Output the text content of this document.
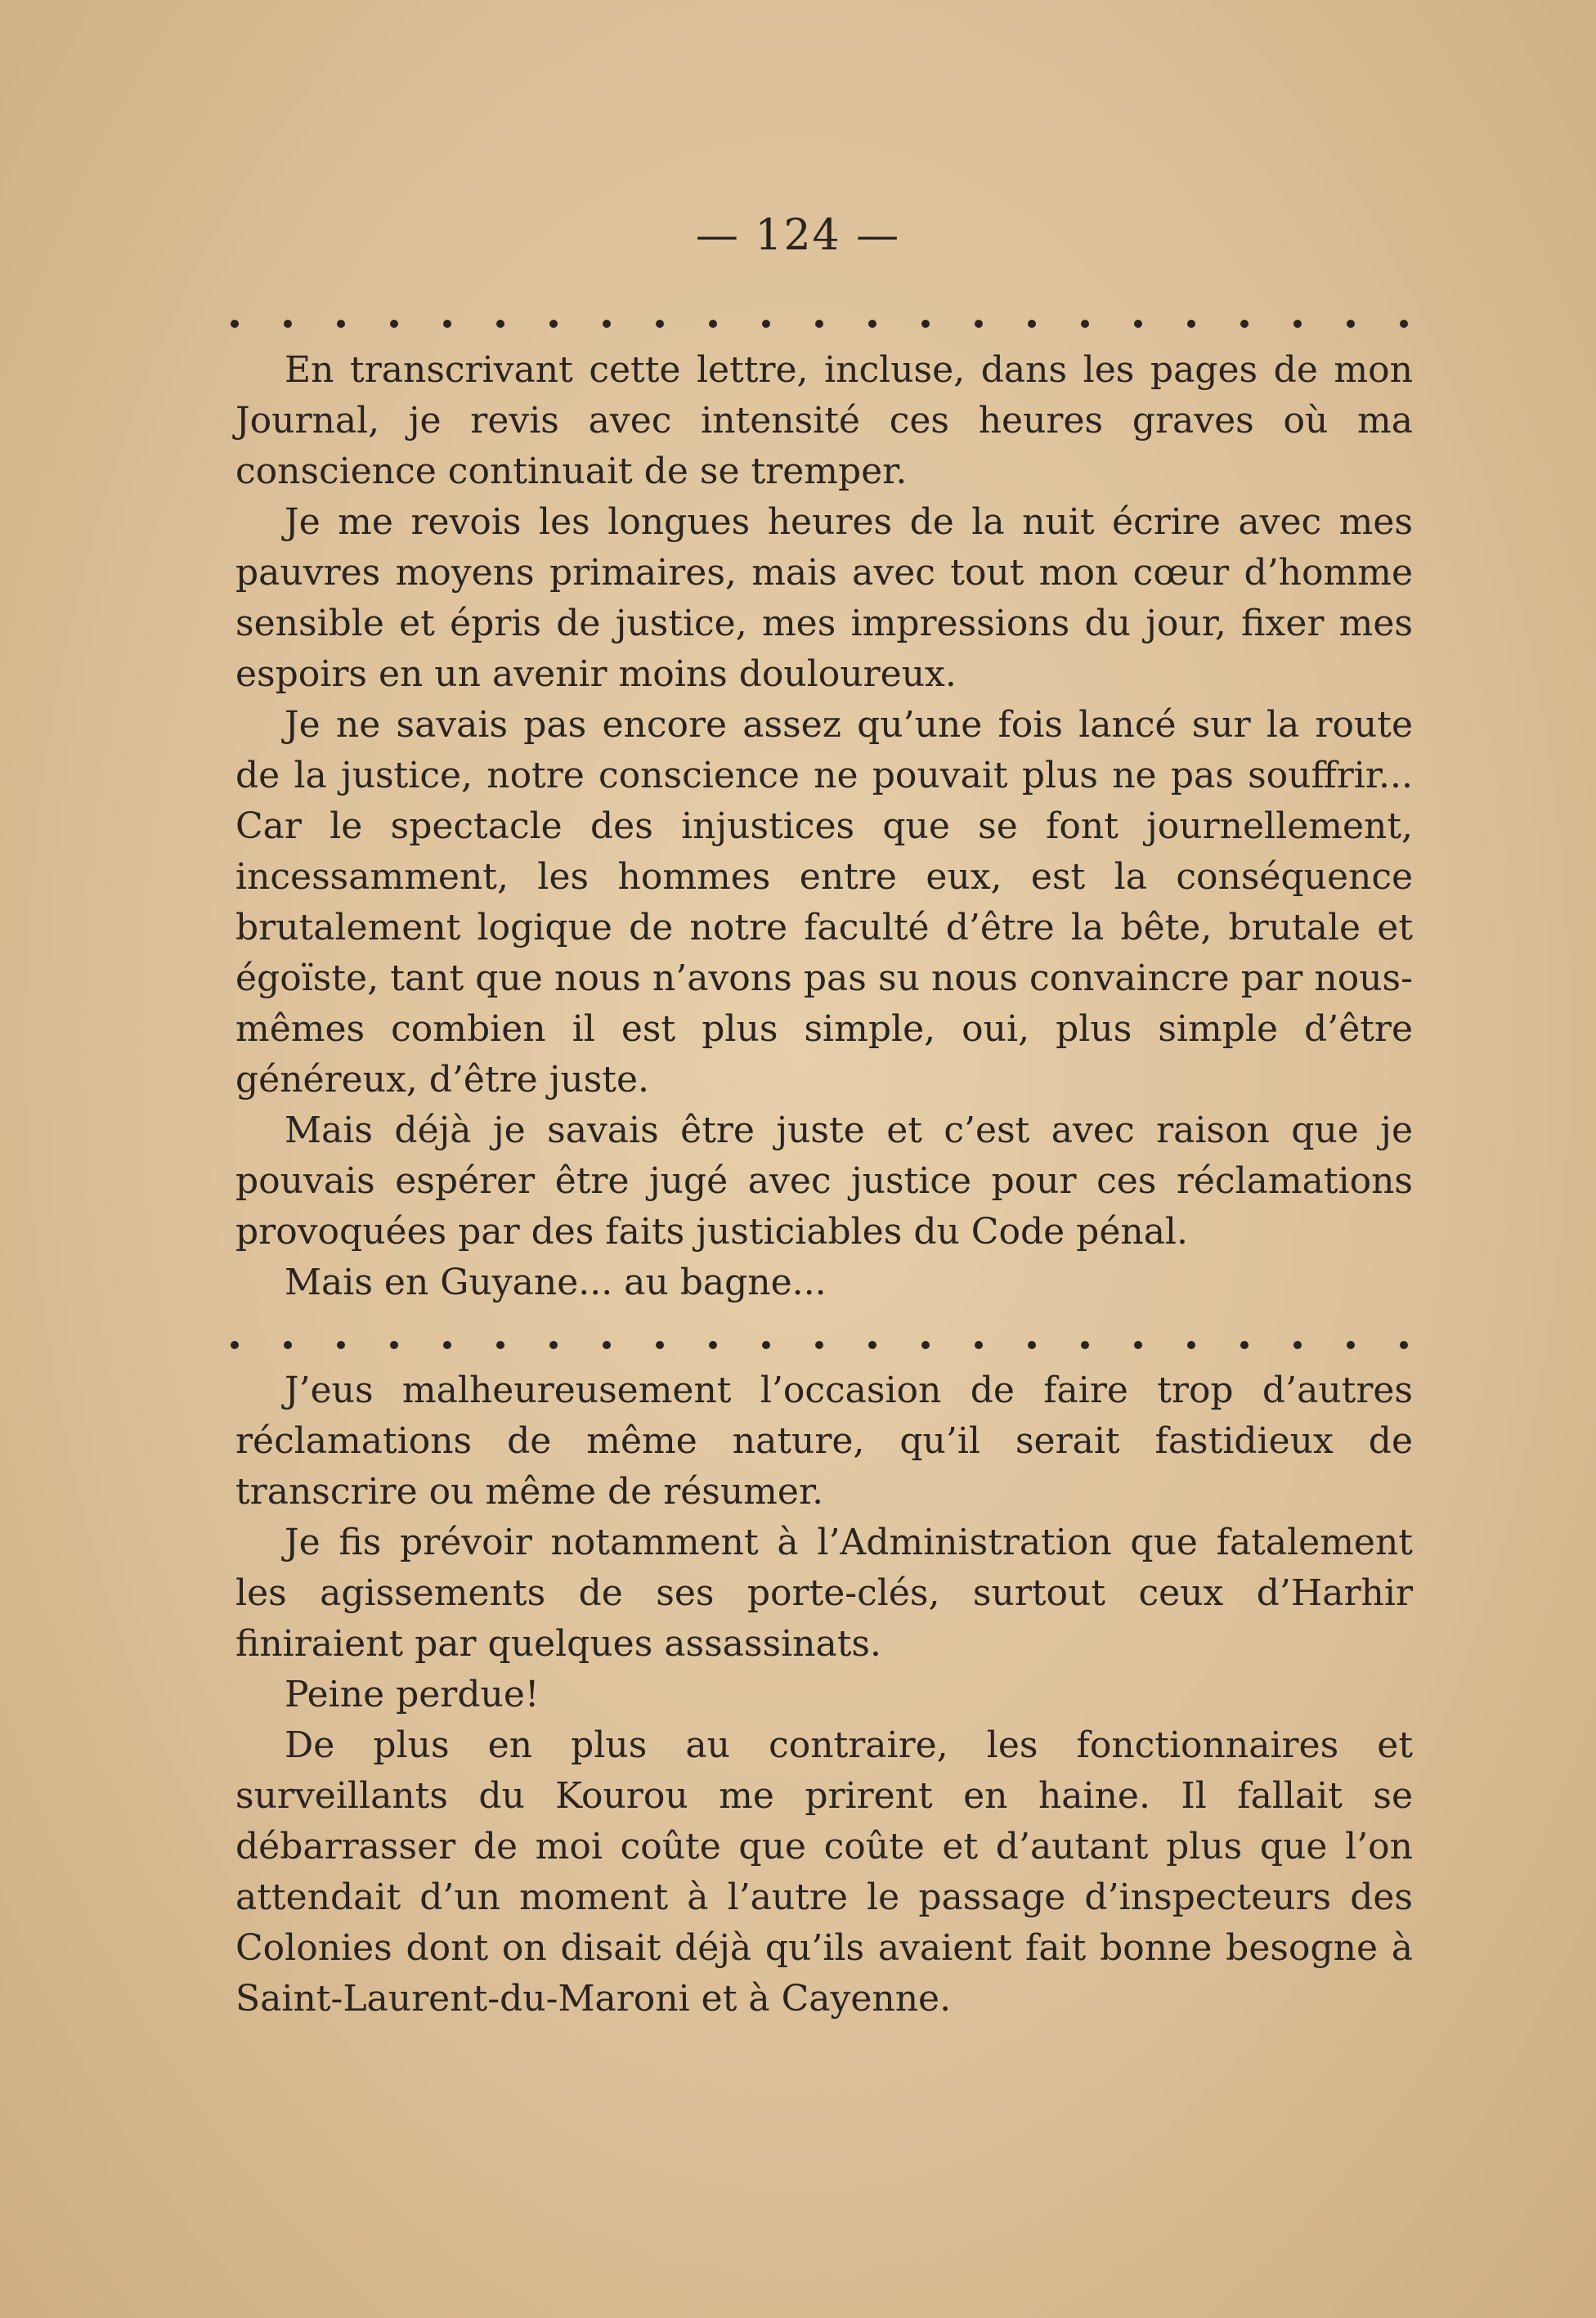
— 124 —

En transcrivant cette lettre, incluse, dans les pages de mon Journal, je revis avec intensité ces heures graves où ma conscience continuait de se tremper.

Je me revois les longues heures de la nuit écrire avec mes pauvres moyens primaires, mais avec tout mon cœur d’homme sensible et épris de justice, mes impressions du jour, fixer mes espoirs en un avenir moins douloureux.

Je ne savais pas encore assez qu’une fois lancé sur la route de la justice, notre conscience ne pouvait plus ne pas souffrir... Car le spectacle des injustices que se font journellement, incessamment, les hommes entre eux, est la conséquence brutalement logique de notre faculté d’être la bête, brutale et égoïste, tant que nous n’avons pas su nous convaincre par nous-mêmes combien il est plus simple, oui, plus simple d’être généreux, d’être juste.

Mais déjà je savais être juste et c’est avec raison que je pouvais espérer être jugé avec justice pour ces réclamations provoquées par des faits justiciables du Code pénal.

Mais en Guyane... au bagne...

J’eus malheureusement l’occasion de faire trop d’autres réclamations de même nature, qu’il serait fastidieux de transcrire ou même de résumer.

Je fis prévoir notamment à l’Administration que fatalement les agissements de ses porte-clés, surtout ceux d’Harhir finiraient par quelques assassinats.

Peine perdue!

De plus en plus au contraire, les fonctionnaires et surveillants du Kourou me prirent en haine. Il fallait se débarrasser de moi coûte que coûte et d’autant plus que l’on attendait d’un moment à l’autre le passage d’inspecteurs des Colonies dont on disait déjà qu’ils avaient fait bonne besogne à Saint-Laurent-du-Maroni et à Cayenne.
